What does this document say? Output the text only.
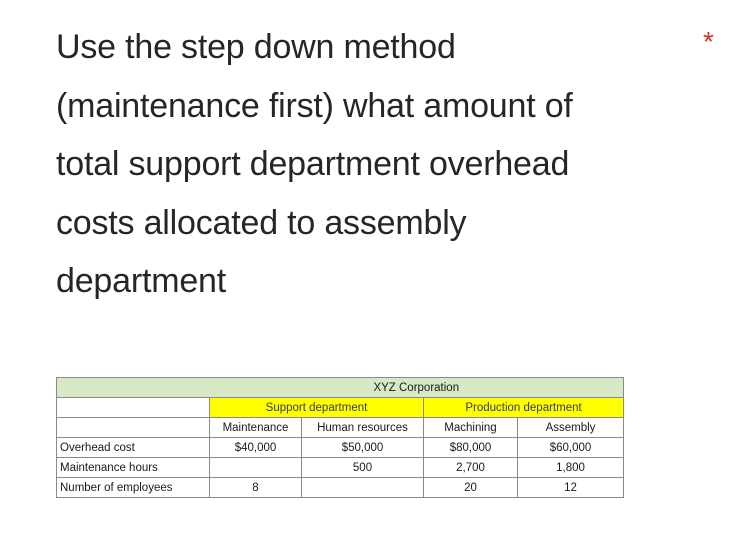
Use the step down method
(maintenance first) what amount of
total support department overhead
costs allocated to assembly
department
*
	XYZ Corporation			
	Support department		Production department	
	Maintenance	Human resources	Machining	Assembly
Overhead cost	$40,000	$50,000	$80,000	$60,000
Maintenance hours		500	2,700	1,800
Number of employees	8		20	12
